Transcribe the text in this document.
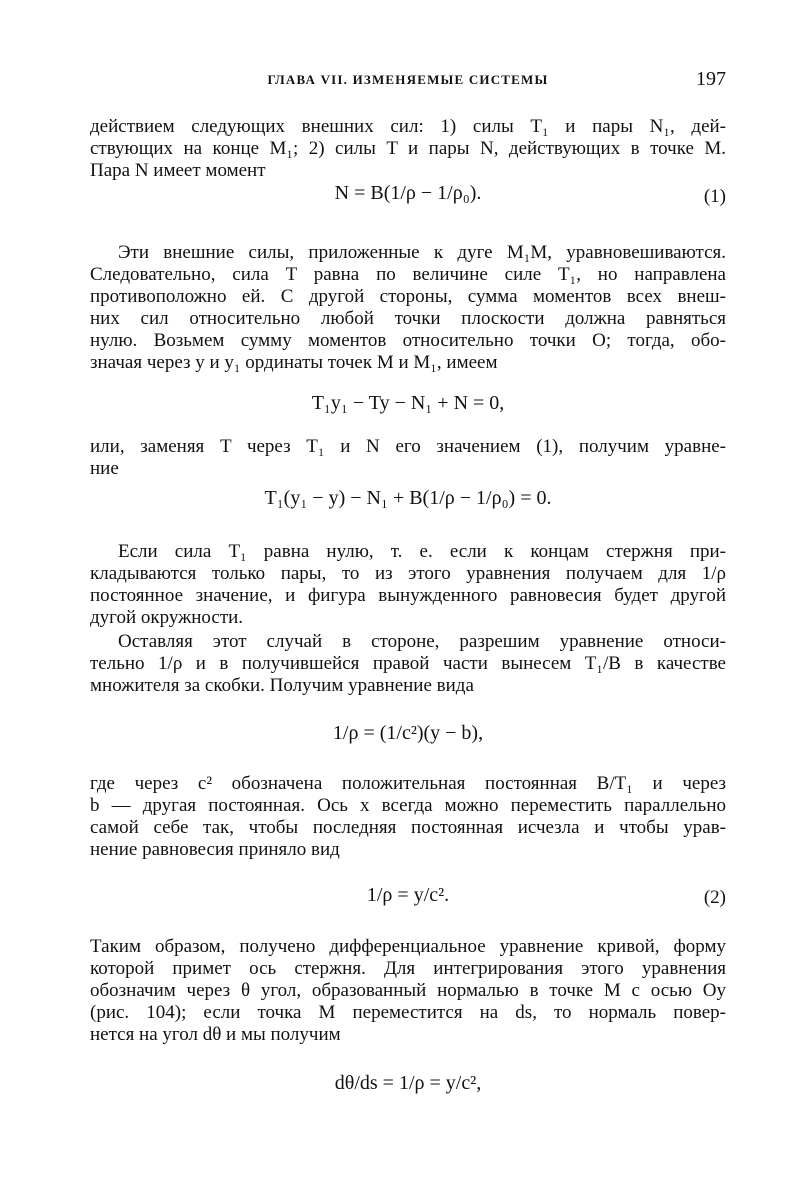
ГЛАВА VII. ИЗМЕНЯЕМЫЕ СИСТЕМЫ	197
действием следующих внешних сил: 1) силы T₁ и пары N₁, дей-
ствующих на конце M₁; 2) силы T и пары N, действующих в точке M.
Пара N имеет момент
N = B(1/ρ − 1/ρ₀).	(1)
Эти внешние силы, приложенные к дуге M₁M, уравновешиваются.
Следовательно, сила T равна по величине силе T₁, но направлена
противоположно ей. С другой стороны, сумма моментов всех внеш-
них сил относительно любой точки плоскости должна равняться
нулю. Возьмем сумму моментов относительно точки O; тогда, обо-
значая через y и y₁ ординаты точек M и M₁, имеем
T₁y₁ − Ty − N₁ + N = 0,
или, заменяя T через T₁ и N его значением (1), получим уравне-
ние
T₁(y₁ − y) − N₁ + B(1/ρ − 1/ρ₀) = 0.
Если сила T₁ равна нулю, т. е. если к концам стержня при-
кладываются только пары, то из этого уравнения получаем для 1/ρ
постоянное значение, и фигура вынужденного равновесия будет другой
дугой окружности.
Оставляя этот случай в стороне, разрешим уравнение относи-
тельно 1/ρ и в получившейся правой части вынесем T₁/B в качестве
множителя за скобки. Получим уравнение вида
1/ρ = (1/c²)(y − b),
где через c² обозначена положительная постоянная B/T₁ и через
b — другая постоянная. Ось x всегда можно переместить параллельно
самой себе так, чтобы последняя постоянная исчезла и чтобы урав-
нение равновесия приняло вид
1/ρ = y/c².	(2)
Таким образом, получено дифференциальное уравнение кривой, форму
которой примет ось стержня. Для интегрирования этого уравнения
обозначим через θ угол, образованный нормалью в точке M с осью Oy
(рис. 104); если точка M переместится на ds, то нормаль повер-
нется на угол dθ и мы получим
dθ/ds = 1/ρ = y/c²,
